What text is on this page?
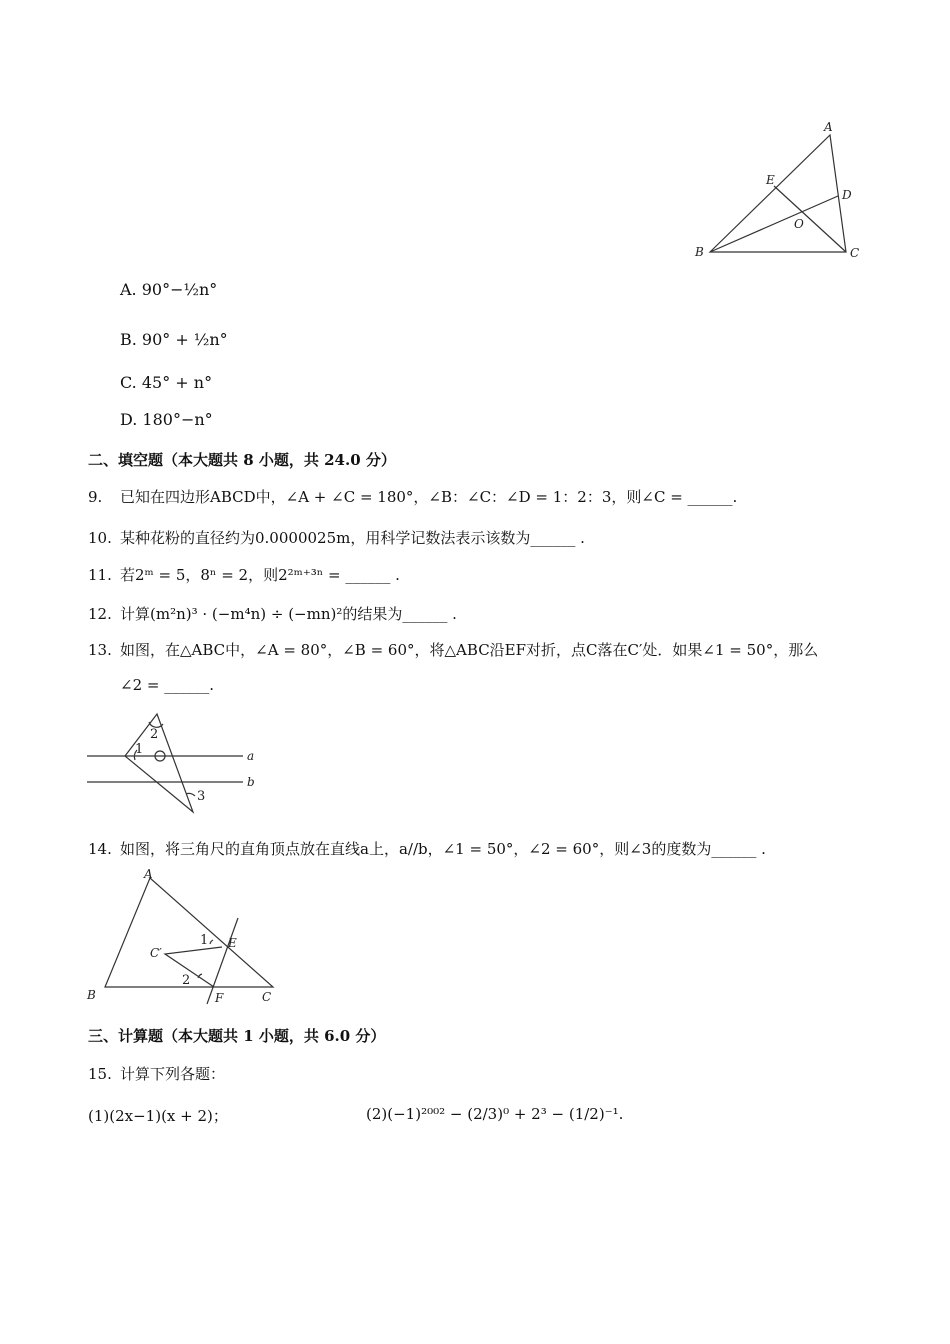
A
B	C
D
E
O
A. 90°−½n°
B. 90° + ½n°
C. 45° + n°
D. 180°−n°
二、填空题（本大题共 8 小题，共 24.0 分）
9. 已知在四边形ABCD中，∠A + ∠C = 180°，∠B：∠C：∠D = 1：2：3，则∠C = ______.
10. 某种花粉的直径约为0.0000025m，用科学记数法表示该数为______ .
11. 若2ᵐ = 5，8ⁿ = 2，则2²ᵐ⁺³ⁿ = ______ .
12. 计算(m²n)³ · (−m⁴n) ÷ (−mn)²的结果为______ .
13. 如图，在△ABC中，∠A = 80°，∠B = 60°，将△ABC沿EF对折，点C落在C′处．如果∠1 = 50°，那么
∠2 = ______.
1
2
3
a
b
14. 如图，将三角尺的直角顶点放在直线a上，a//b，∠1 = 50°，∠2 = 60°，则∠3的度数为______ .
A
B	C
C′
E
F
1
2
三、计算题（本大题共 1 小题，共 6.0 分）
15. 计算下列各题：
(1)(2x−1)(x + 2)；	(2)(−1)²⁰⁰² − (2/3)⁰ + 2³ − (1/2)⁻¹.
